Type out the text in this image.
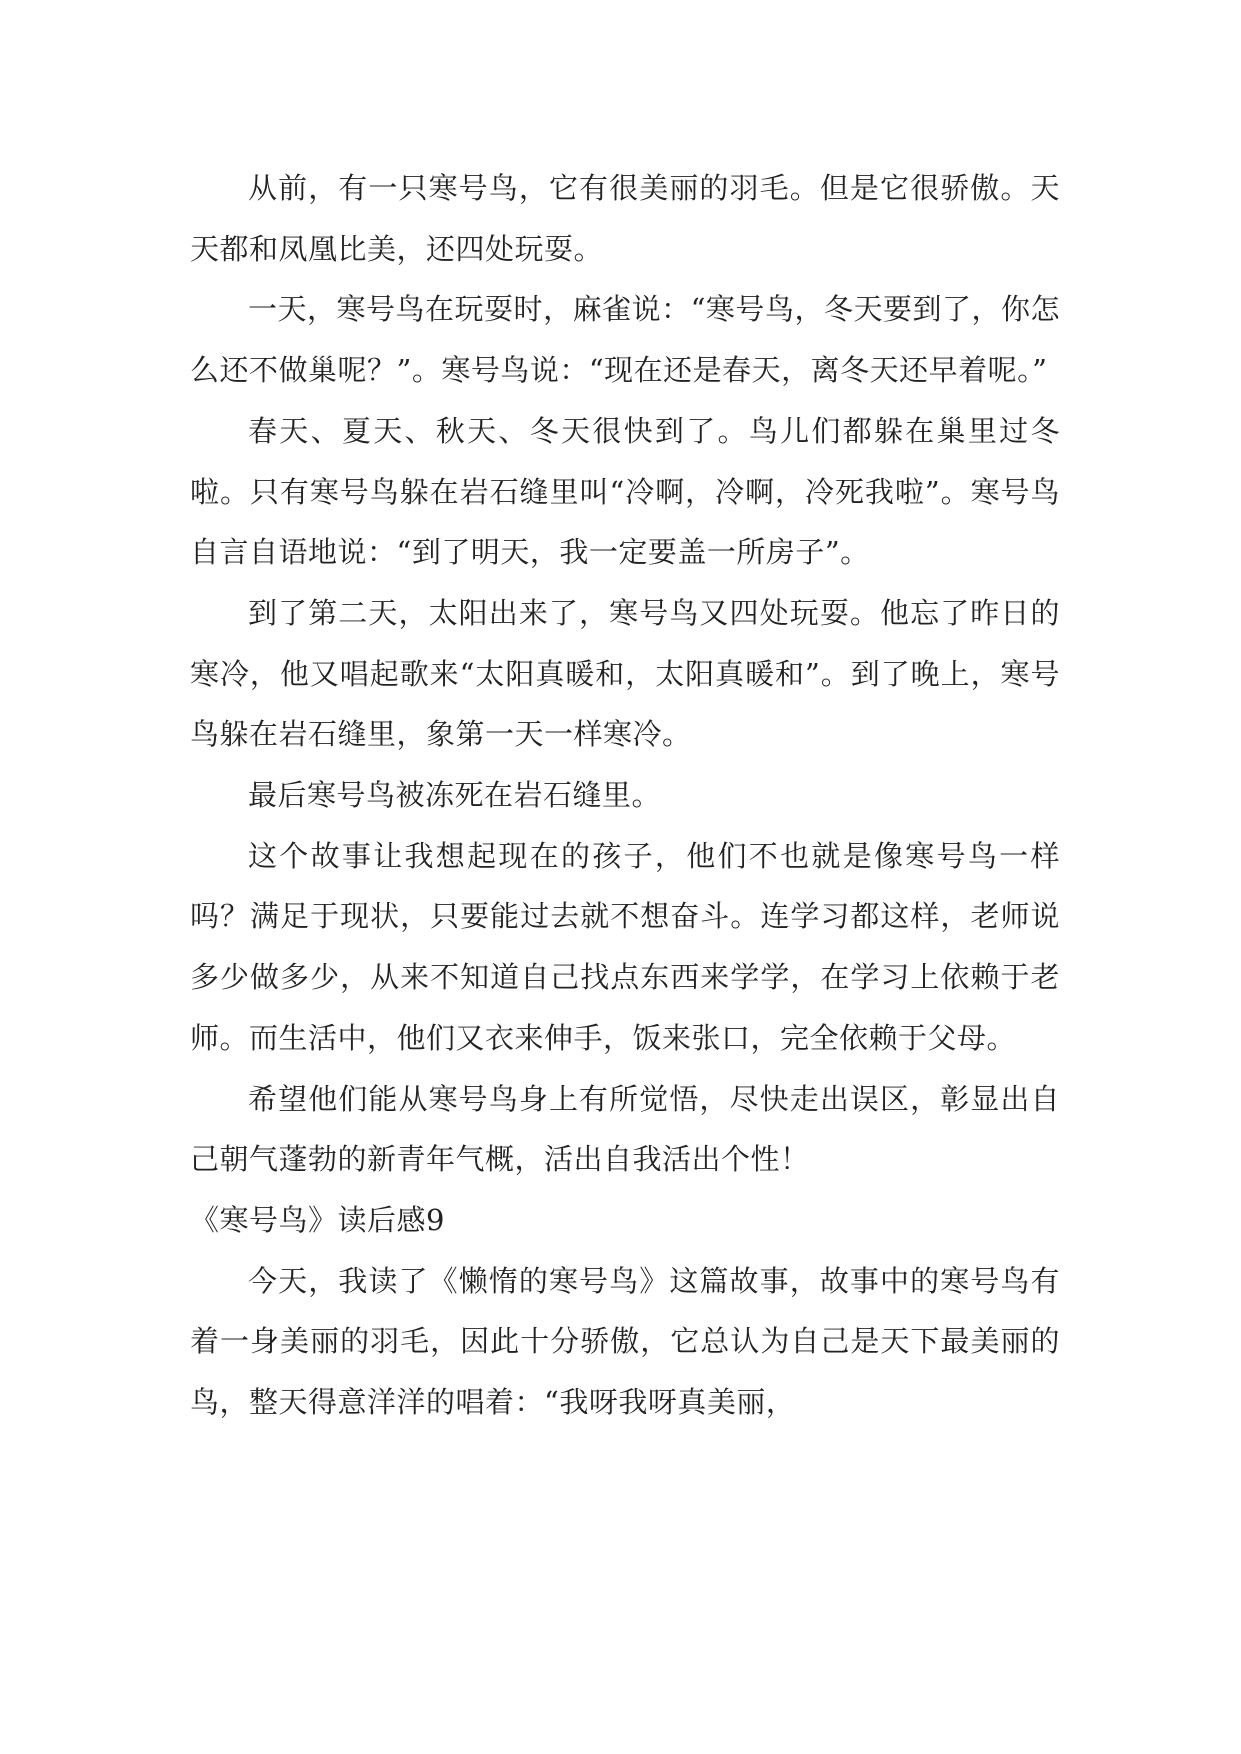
从前，有一只寒号鸟，它有很美丽的羽毛。但是它很骄傲。天天都和凤凰比美，还四处玩耍。

一天，寒号鸟在玩耍时，麻雀说：“寒号鸟，冬天要到了，你怎么还不做巢呢？”。寒号鸟说：“现在还是春天，离冬天还早着呢。”

春天、夏天、秋天、冬天很快到了。鸟儿们都躲在巢里过冬啦。只有寒号鸟躲在岩石缝里叫“冷啊，冷啊，冷死我啦”。寒号鸟自言自语地说：“到了明天，我一定要盖一所房子”。

到了第二天，太阳出来了，寒号鸟又四处玩耍。他忘了昨日的寒冷，他又唱起歌来“太阳真暖和，太阳真暖和”。到了晚上，寒号鸟躲在岩石缝里，象第一天一样寒冷。

最后寒号鸟被冻死在岩石缝里。

这个故事让我想起现在的孩子，他们不也就是像寒号鸟一样吗？满足于现状，只要能过去就不想奋斗。连学习都这样，老师说多少做多少，从来不知道自己找点东西来学学，在学习上依赖于老师。而生活中，他们又衣来伸手，饭来张口，完全依赖于父母。

希望他们能从寒号鸟身上有所觉悟，尽快走出误区，彰显出自己朝气蓬勃的新青年气概，活出自我活出个性！

《寒号鸟》读后感9

今天，我读了《懒惰的寒号鸟》这篇故事，故事中的寒号鸟有着一身美丽的羽毛，因此十分骄傲，它总认为自己是天下最美丽的鸟，整天得意洋洋的唱着：“我呀我呀真美丽，
